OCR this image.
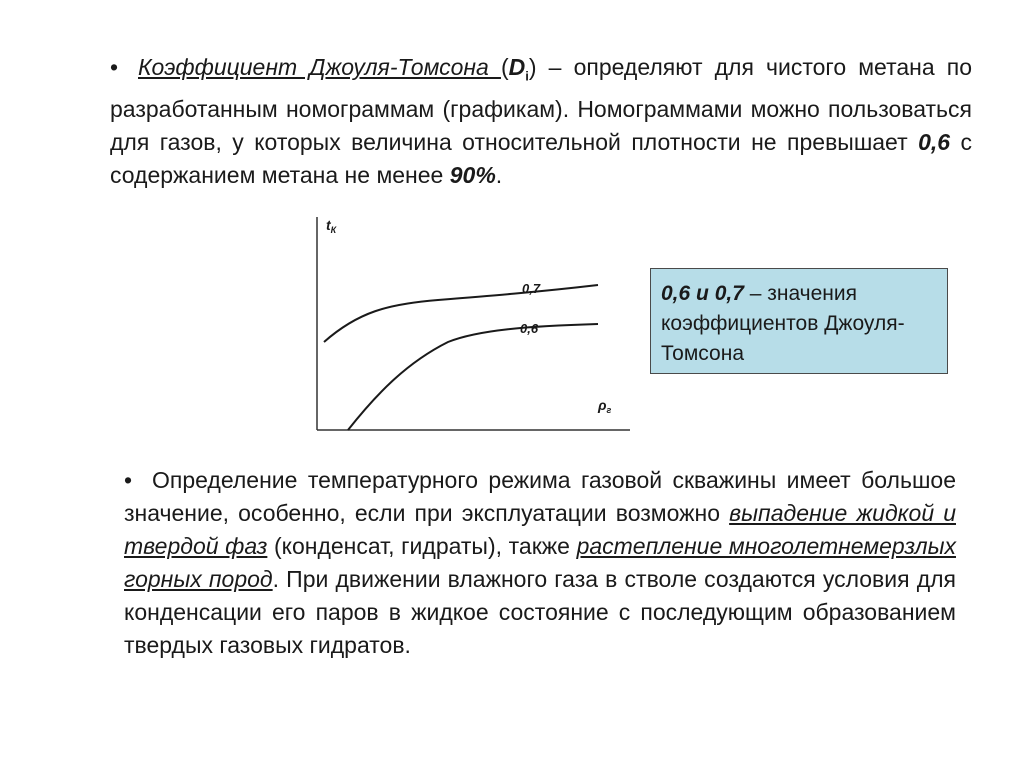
• Коэффициент Джоуля-Томсона $(D_i)$ – определяют для чистого метана по разработанным номограммам (графикам). Номограммами можно пользоваться для газов, у которых величина относительной плотности не превышает 0,6 с содержанием метана не менее 90%.
$t_К$
$\rho_г$
0,7
0,6
0,6 и 0,7 – значения коэффициентов Джоуля-Томсона
• Определение температурного режима газовой скважины имеет большое значение, особенно, если при эксплуатации возможно выпадение жидкой и твердой фаз (конденсат, гидраты), также растепление многолетнемерзлых горных пород. При движении влажного газа в стволе создаются условия для конденсации его паров в жидкое состояние с последующим образованием твердых газовых гидратов.
